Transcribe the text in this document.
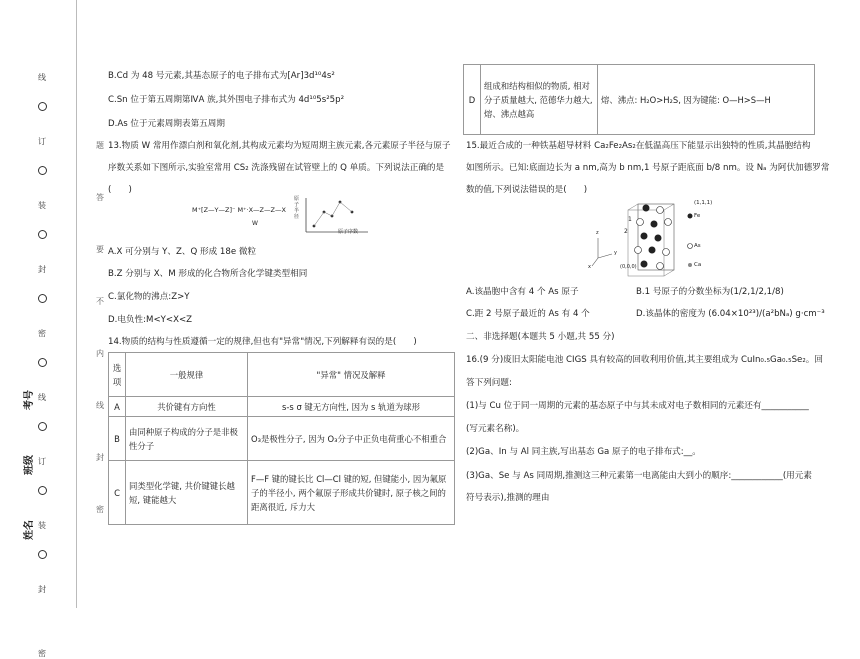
线
订
装
封
密
线
订
装
封
密
题
答
要
不
内
线
封
密
考号
班级
姓名
B.Cd 为 48 号元素,其基态原子的电子排布式为[Ar]3d¹⁰4s²
C.Sn 位于第五周期第ⅣA 族,其外围电子排布式为 4d¹⁰5s²5p²
D.As 位于元素周期表第五周期
13.物质 W 常用作漂白剂和氧化剂,其构成元素均为短周期主族元素,各元素原子半径与原子
序数关系如下图所示,实验室常用 CS₂ 洗涤残留在试管壁上的 Q 单质。下列说法正确的是
(　　)
M⁺[Z—Y—Z]⁻ M⁺·X—Z—Z—X
W
原子半径
原子序数
A.X 可分别与 Y、Z、Q 形成 18e 微粒
B.Z 分别与 X、M 形成的化合物所含化学键类型相同
C.氯化物的沸点:Z>Y
D.电负性:M<Y<X<Z
14.物质的结构与性质遵循一定的规律,但也有"异常"情况,下列解释有误的是(　　)
选项	一般规律	"异常" 情况及解释
A	共价键有方向性	s-s σ 键无方向性, 因为 s 轨道为球形
B	由同种原子构成的分子是非极性分子	O₃是极性分子, 因为 O₃分子中正负电荷重心不相重合
C	同类型化学键, 共价键键长越短, 键能越大	F—F 键的键长比 Cl—Cl 键的短, 但键能小, 因为氟原子的半径小, 两个氟原子形成共价键时, 原子核之间的距离很近, 斥力大
D	组成和结构相似的物质, 相对分子质量越大, 范德华力越大, 熔、沸点越高	熔、沸点: H₂O>H₂S, 因为键能: O—H>S—H
15.最近合成的一种铁基超导材料 Ca₂Fe₂As₂在低温高压下能显示出独特的性质,其晶胞结构
如图所示。已知:底面边长为 a nm,高为 b nm,1 号原子距底面 b/8 nm。设 Nₐ 为阿伏加德罗常
数的值,下列说法错误的是(　　)
(1,1,1)
Fe
As
Ca
1
2
(0,0,0)
x
y
z
A.该晶胞中含有 4 个 As 原子	B.1 号原子的分数坐标为(1/2,1/2,1/8)
C.距 2 号原子最近的 As 有 4 个	D.该晶体的密度为 (6.04×10²³)/(a²bNₐ) g·cm⁻³
二、非选择题(本题共 5 小题,共 55 分)
16.(9 分)废旧太阳能电池 CIGS 具有较高的回收利用价值,其主要组成为 CuIn₀.₅Ga₀.₅Se₂。回
答下列问题:
(1)与 Cu 位于同一周期的元素的基态原子中与其未成对电子数相同的元素还有___________
(写元素名称)。
(2)Ga、In 与 Al 同主族,写出基态 Ga 原子的电子排布式:__。
(3)Ga、Se 与 As 同周期,推测这三种元素第一电离能由大到小的顺序:____________(用元素
符号表示),推测的理由
